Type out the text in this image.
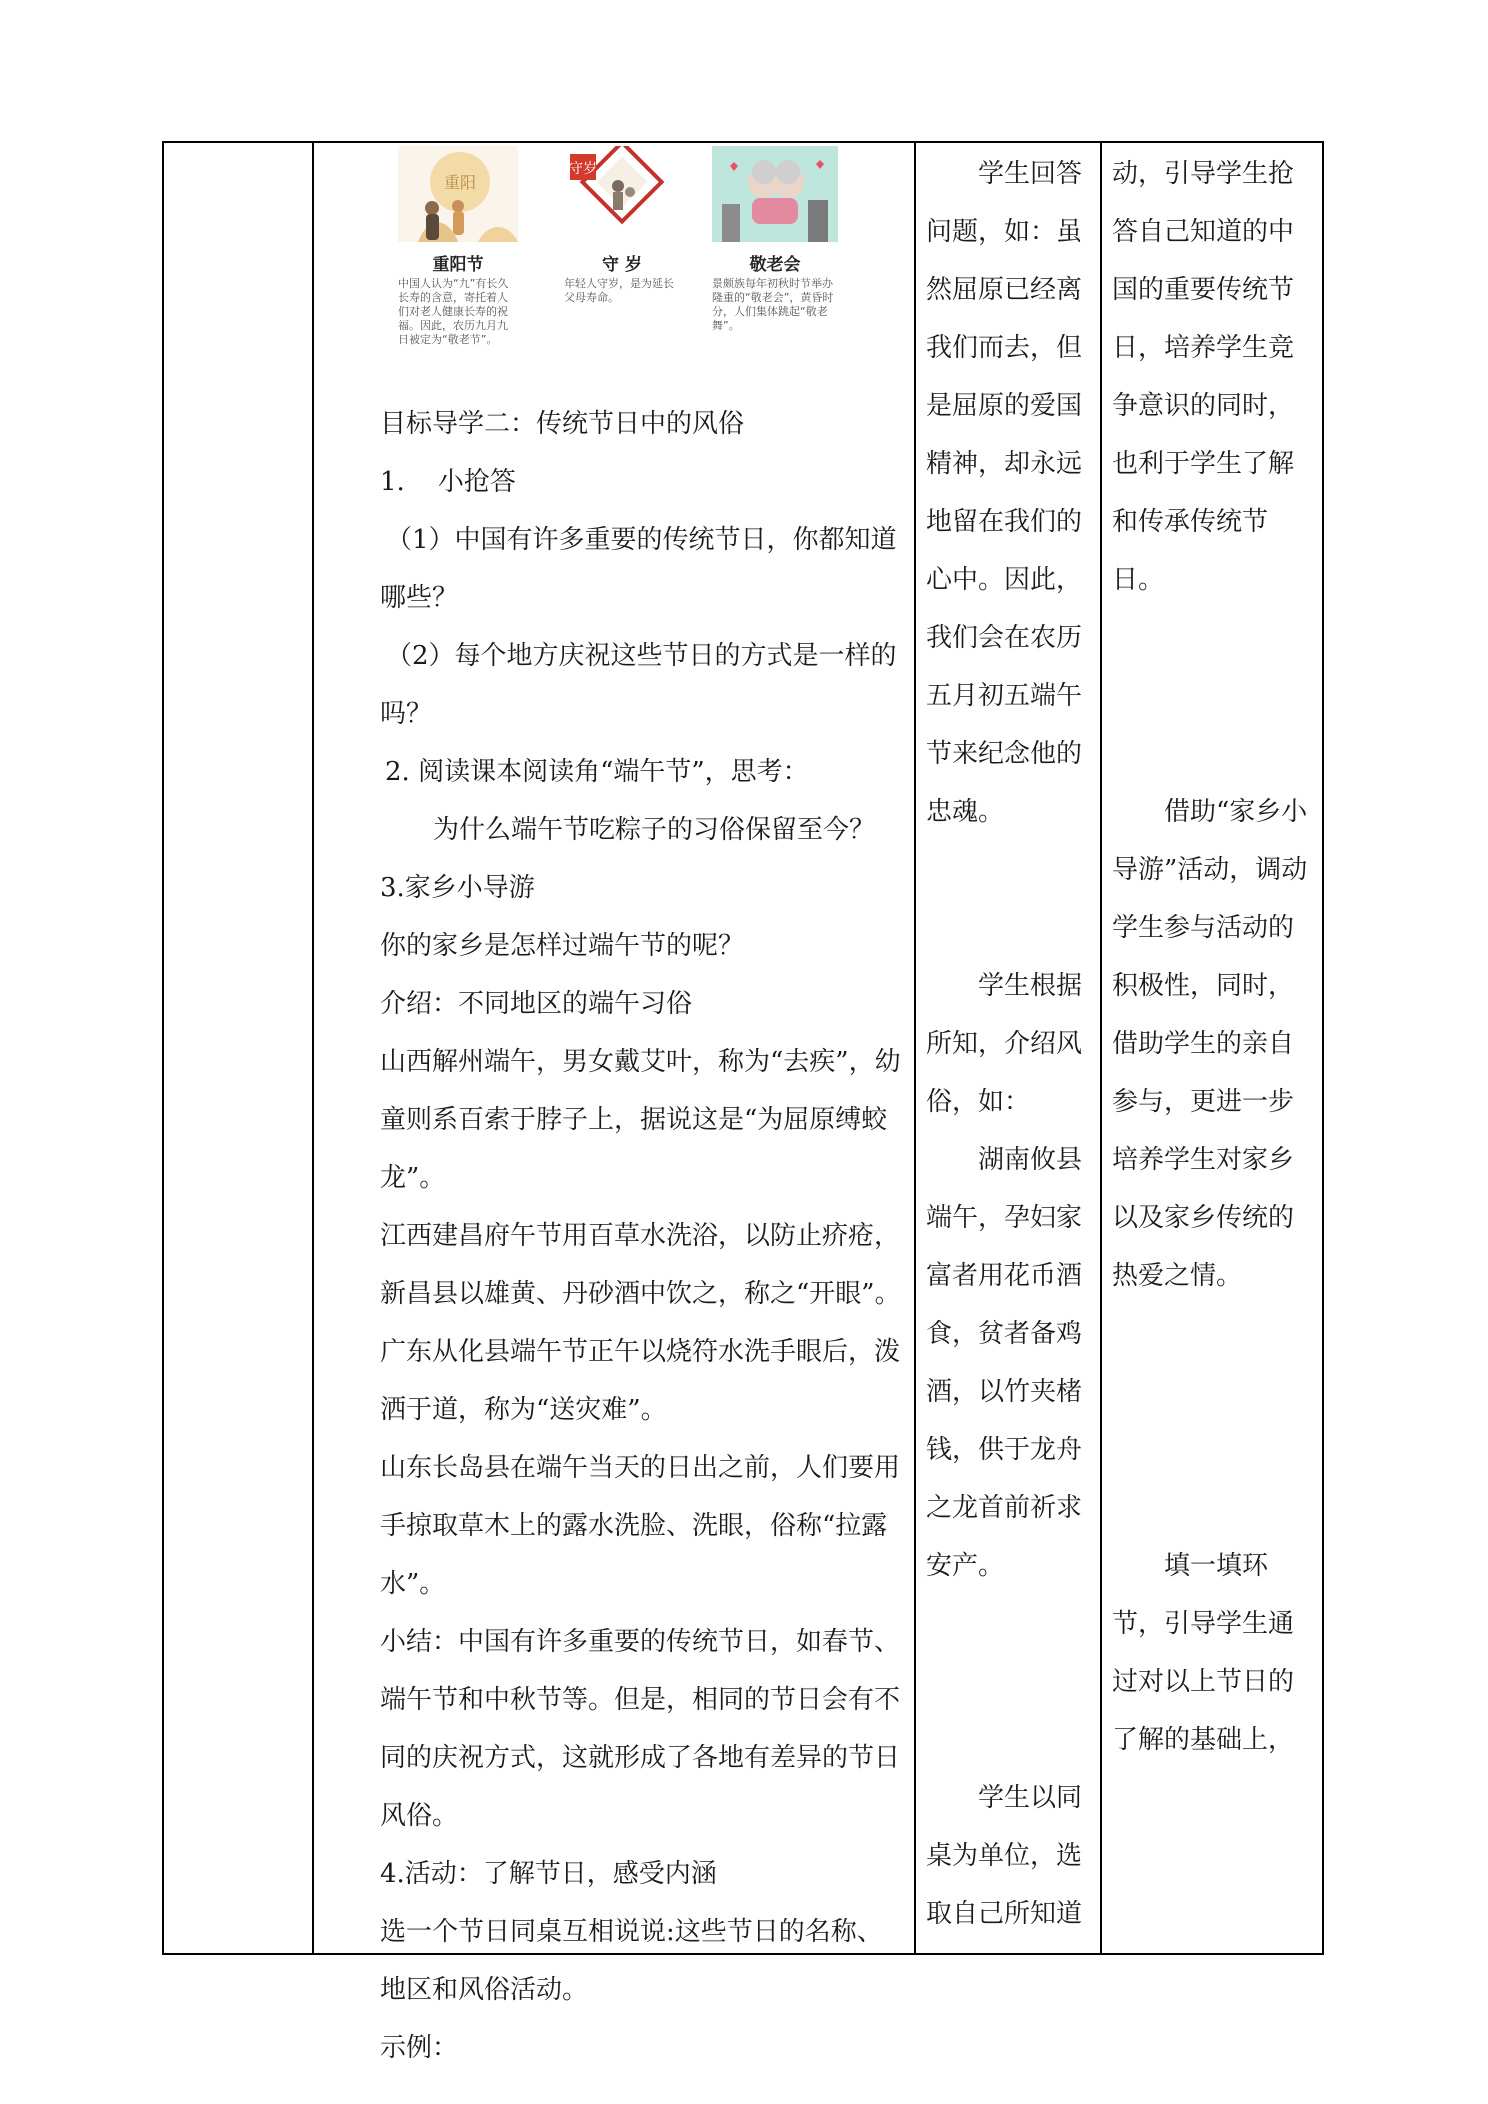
重阳
重阳节
中国人认为“九”有长久长寿的含意，寄托着人们对老人健康长寿的祝福。因此，农历九月九日被定为“敬老节”。
守岁
守 岁
年轻人守岁，是为延长父母寿命。
敬老会
景颇族每年初秋时节举办隆重的“敬老会”，黄昏时分，人们集体跳起“敬老舞”。

目标导学二：传统节日中的风俗

1.    小抢答

（1）中国有许多重要的传统节日，你都知道哪些？

（2）每个地方庆祝这些节日的方式是一样的吗？

2. 阅读课本阅读角“端午节”，思考：

为什么端午节吃粽子的习俗保留至今？

3.家乡小导游

你的家乡是怎样过端午节的呢？

介绍：不同地区的端午习俗

山西解州端午，男女戴艾叶，称为“去疾”，幼童则系百索于脖子上，据说这是“为屈原缚蛟龙”。

江西建昌府午节用百草水洗浴，以防止疥疮，新昌县以雄黄、丹砂酒中饮之，称之“开眼”。

广东从化县端午节正午以烧符水洗手眼后，泼洒于道，称为“送灾难”。

山东长岛县在端午当天的日出之前，人们要用手掠取草木上的露水洗脸、洗眼，俗称“拉露水”。

小结：中国有许多重要的传统节日，如春节、端午节和中秋节等。但是，相同的节日会有不同的庆祝方式，这就形成了各地有差异的节日风俗。

4.活动：了解节日，感受内涵

选一个节日同桌互相说说:这些节日的名称、地区和风俗活动。

示例：

学生回答问题，如：虽然屈原已经离我们而去，但是屈原的爱国精神，却永远地留在我们的心中。因此，我们会在农历五月初五端午节来纪念他的忠魂。

学生根据所知，介绍风俗，如：

湖南攸县端午，孕妇家富者用花币酒食，贫者备鸡酒，以竹夹楮钱，供于龙舟之龙首前祈求安产。

学生以同桌为单位，选取自己所知道

动，引导学生抢答自己知道的中国的重要传统节日，培养学生竞争意识的同时，也利于学生了解和传承传统节日。

借助“家乡小导游”活动，调动学生参与活动的积极性，同时，借助学生的亲自参与，更进一步培养学生对家乡以及家乡传统的热爱之情。

填一填环节，引导学生通过对以上节日的了解的基础上，
